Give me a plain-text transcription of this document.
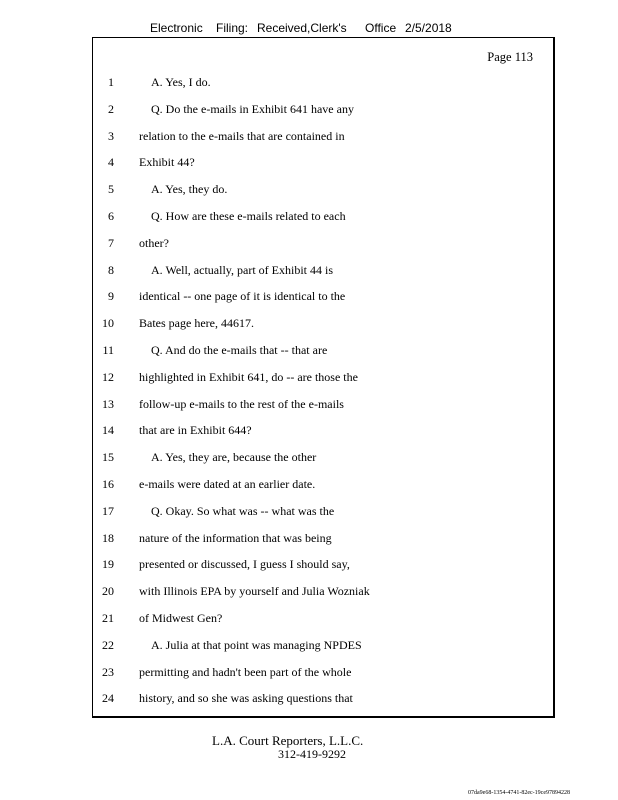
Electronic Filing: Received,Clerk's Office 2/5/2018
Page 113
1	A. Yes, I do.
2	Q. Do the e-mails in Exhibit 641 have any
3 relation to the e-mails that are contained in
4 Exhibit 44?
5	A. Yes, they do.
6	Q. How are these e-mails related to each
7 other?
8	A. Well, actually, part of Exhibit 44 is
9 identical -- one page of it is identical to the
10 Bates page here, 44617.
11	Q. And do the e-mails that -- that are
12 highlighted in Exhibit 641, do -- are those the
13 follow-up e-mails to the rest of the e-mails
14 that are in Exhibit 644?
15	A. Yes, they are, because the other
16 e-mails were dated at an earlier date.
17	Q. Okay. So what was -- what was the
18 nature of the information that was being
19 presented or discussed, I guess I should say,
20 with Illinois EPA by yourself and Julia Wozniak
21 of Midwest Gen?
22	A. Julia at that point was managing NPDES
23 permitting and hadn't been part of the whole
24 history, and so she was asking questions that
L.A. Court Reporters, L.L.C.
312-419-9292
07da9e68-1354-4741-82ec-19ce97894228
